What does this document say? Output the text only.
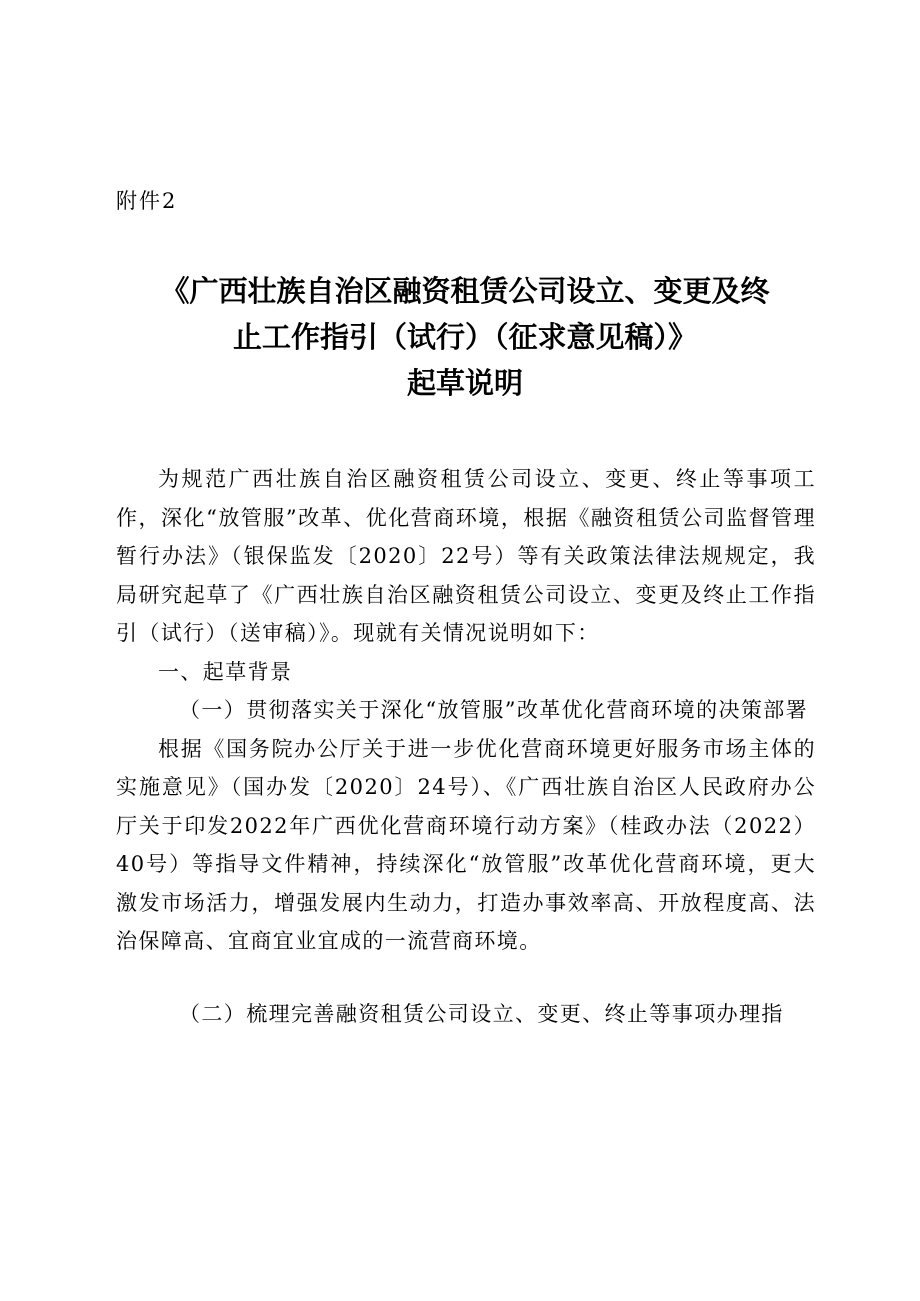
附件2
《广西壮族自治区融资租赁公司设立、变更及终
止工作指引（试行）（征求意见稿）》
起草说明

为规范广西壮族自治区融资租赁公司设立、变更、终止等事项工作，深化“放管服”改革、优化营商环境，根据《融资租赁公司监督管理暂行办法》（银保监发〔2020〕22号）等有关政策法律法规规定，我局研究起草了《广西壮族自治区融资租赁公司设立、变更及终止工作指引（试行）（送审稿）》。现就有关情况说明如下：

一、起草背景

（一）贯彻落实关于深化“放管服”改革优化营商环境的决策部署

根据《国务院办公厅关于进一步优化营商环境更好服务市场主体的实施意见》（国办发〔2020〕24号）、《广西壮族自治区人民政府办公厅关于印发2022年广西优化营商环境行动方案》（桂政办法（2022）40号）等指导文件精神，持续深化“放管服”改革优化营商环境，更大激发市场活力，增强发展内生动力，打造办事效率高、开放程度高、法治保障高、宜商宜业宜成的一流营商环境。

（二）梳理完善融资租赁公司设立、变更、终止等事项办理指
